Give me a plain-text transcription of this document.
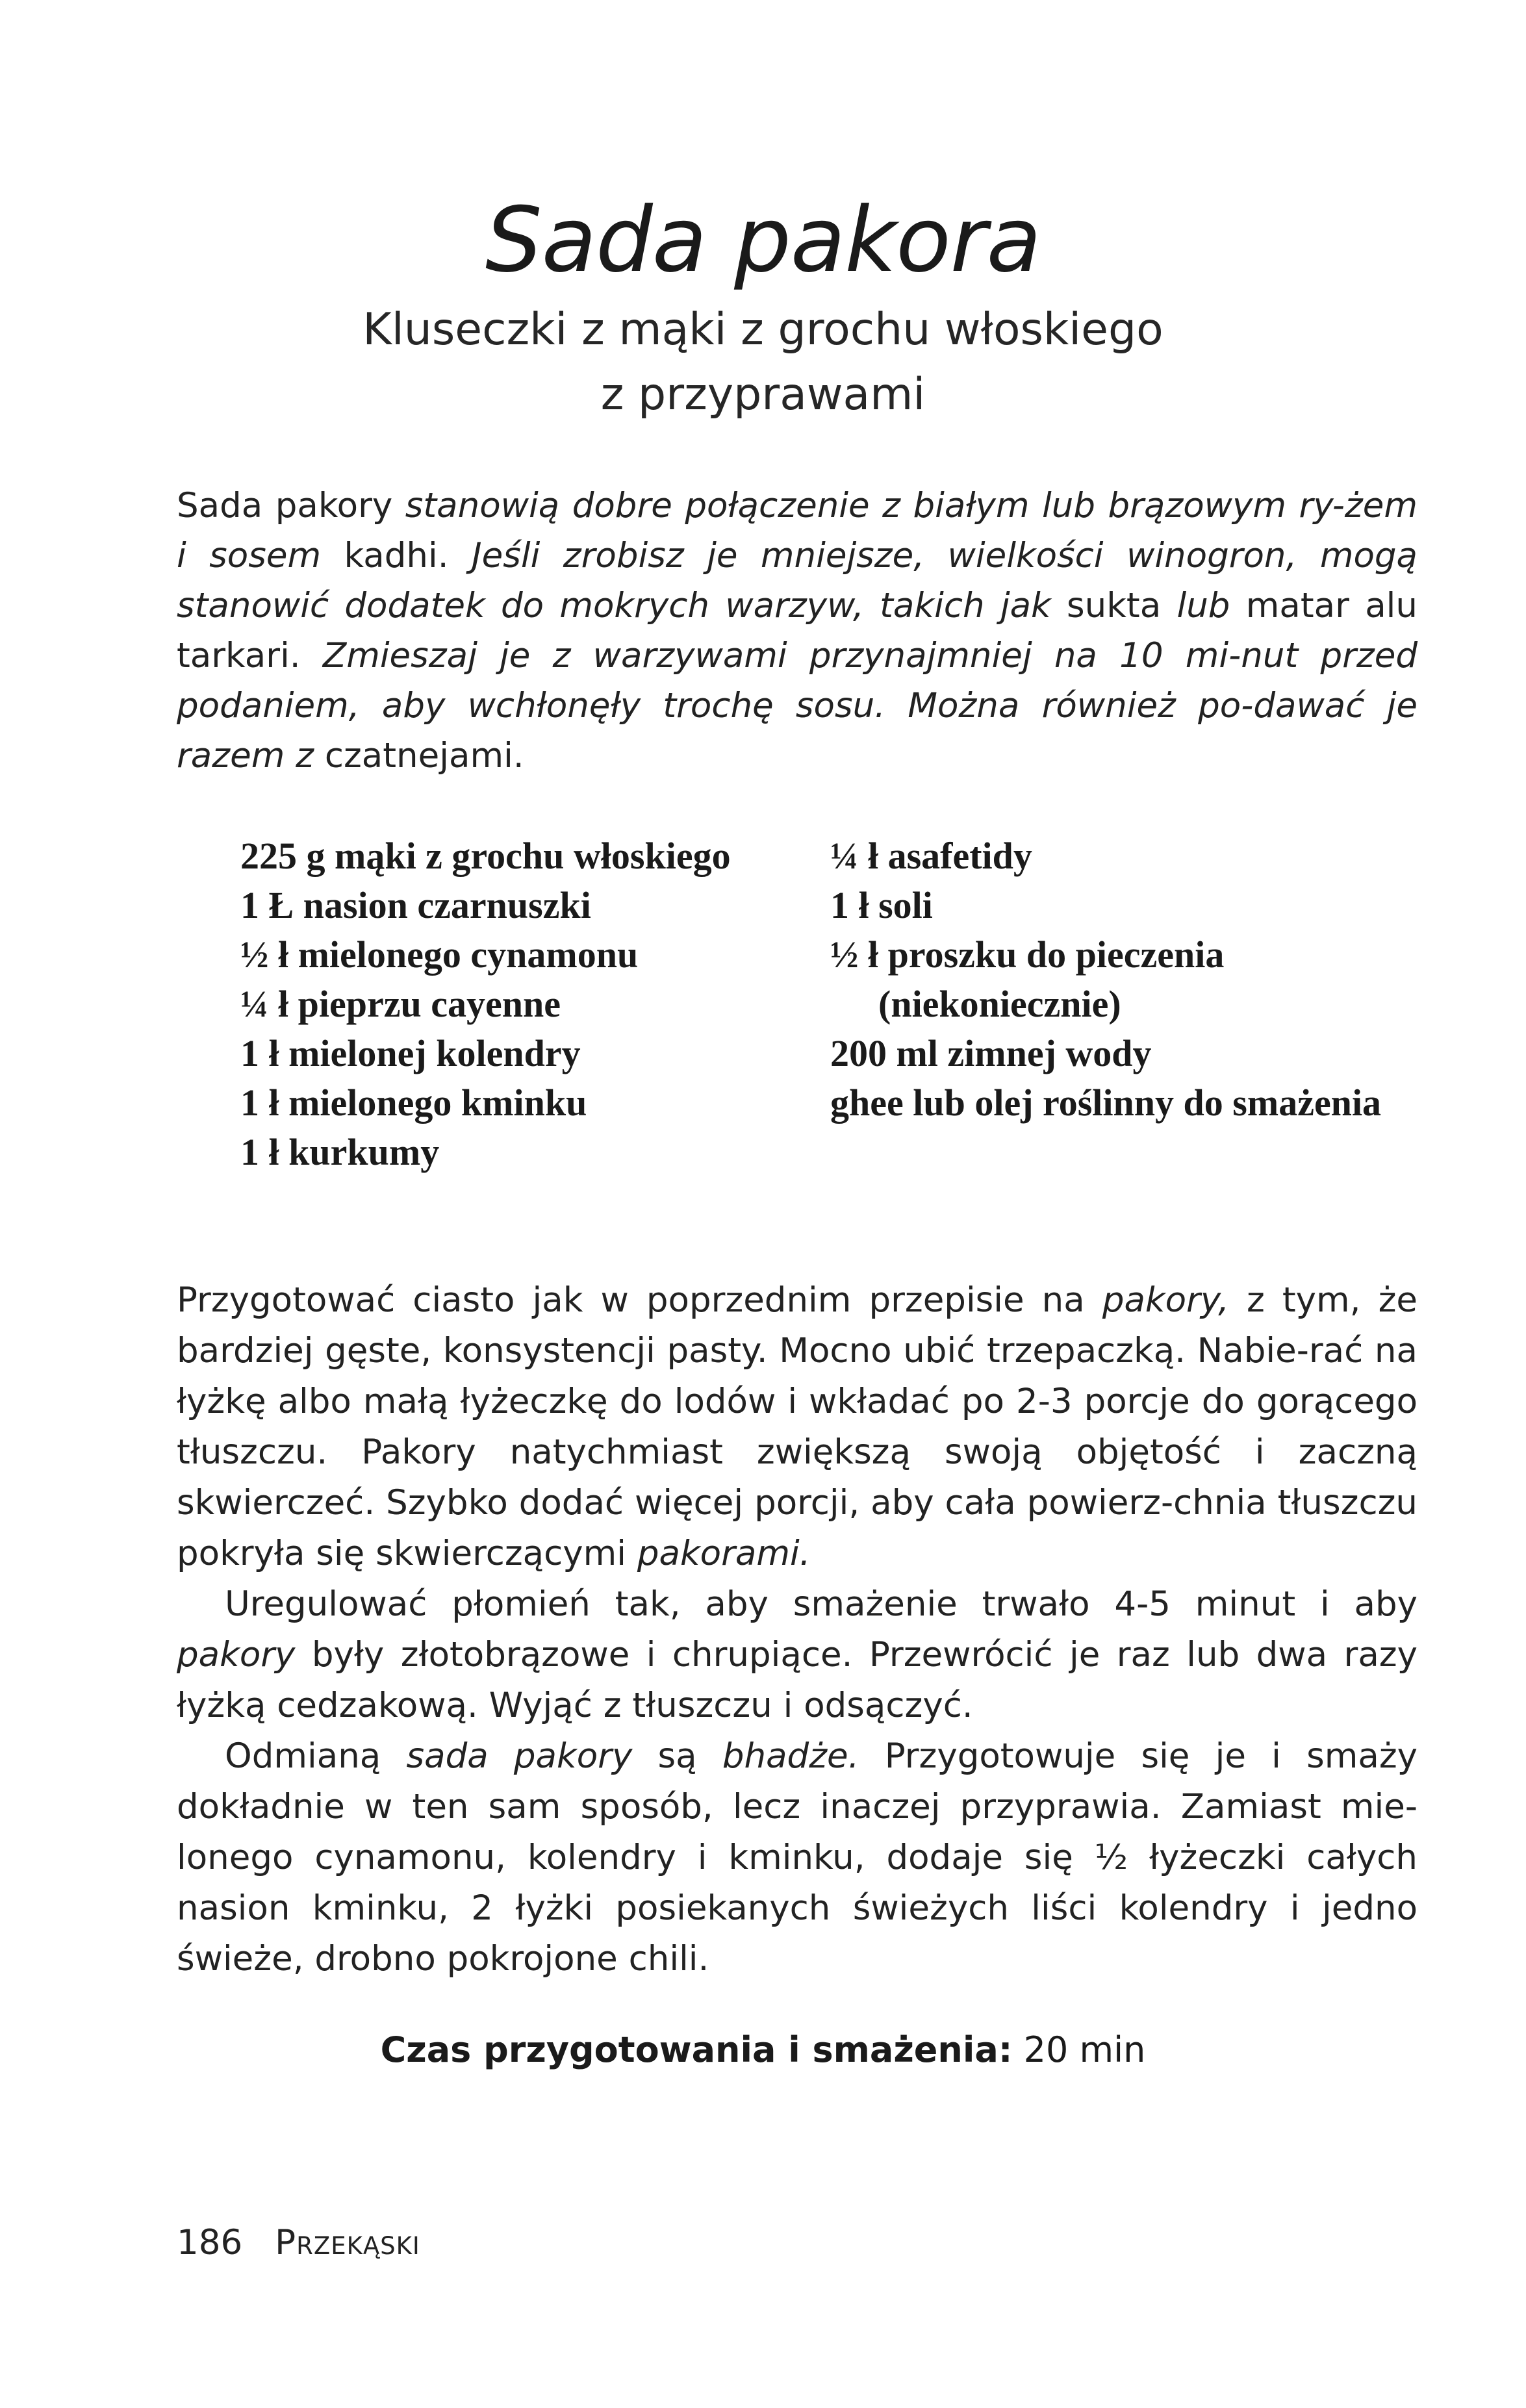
Sada pakora
Kluseczki z mąki z grochu włoskiego
z przyprawami
Sada pakory stanowią dobre połączenie z białym lub brązowym ry-żem i sosem kadhi. Jeśli zrobisz je mniejsze, wielkości winogron, mogą stanowić dodatek do mokrych warzyw, takich jak sukta lub matar alu tarkari. Zmieszaj je z warzywami przynajmniej na 10 mi-nut przed podaniem, aby wchłonęły trochę sosu. Można również po-dawać je razem z czatnejami.

225 g mąki z grochu włoskiego

1 Ł nasion czarnuszki

½ ł mielonego cynamonu

¼ ł pieprzu cayenne

1 ł mielonej kolendry

1 ł mielonego kminku

1 ł kurkumy

¼ ł asafetidy

1 ł soli

½ ł proszku do pieczenia (niekoniecznie)

200 ml zimnej wody

ghee lub olej roślinny do smażenia

Przygotować ciasto jak w poprzednim przepisie na pakory, z tym, że bardziej gęste, konsystencji pasty. Mocno ubić trzepaczką. Nabie-rać na łyżkę albo małą łyżeczkę do lodów i wkładać po 2-3 porcje do gorącego tłuszczu. Pakory natychmiast zwiększą swoją objętość i zaczną skwierczeć. Szybko dodać więcej porcji, aby cała powierz-chnia tłuszczu pokryła się skwierczącymi pakorami.

Uregulować płomień tak, aby smażenie trwało 4-5 minut i aby pakory były złotobrązowe i chrupiące. Przewrócić je raz lub dwa razy łyżką cedzakową. Wyjąć z tłuszczu i odsączyć.

Odmianą sada pakory są bhadże. Przygotowuje się je i smaży dokładnie w ten sam sposób, lecz inaczej przyprawia. Zamiast mie-lonego cynamonu, kolendry i kminku, dodaje się ½ łyżeczki całych nasion kminku, 2 łyżki posiekanych świeżych liści kolendry i jedno świeże, drobno pokrojone chili.

Czas przygotowania i smażenia: 20 min
186 Przekąski
